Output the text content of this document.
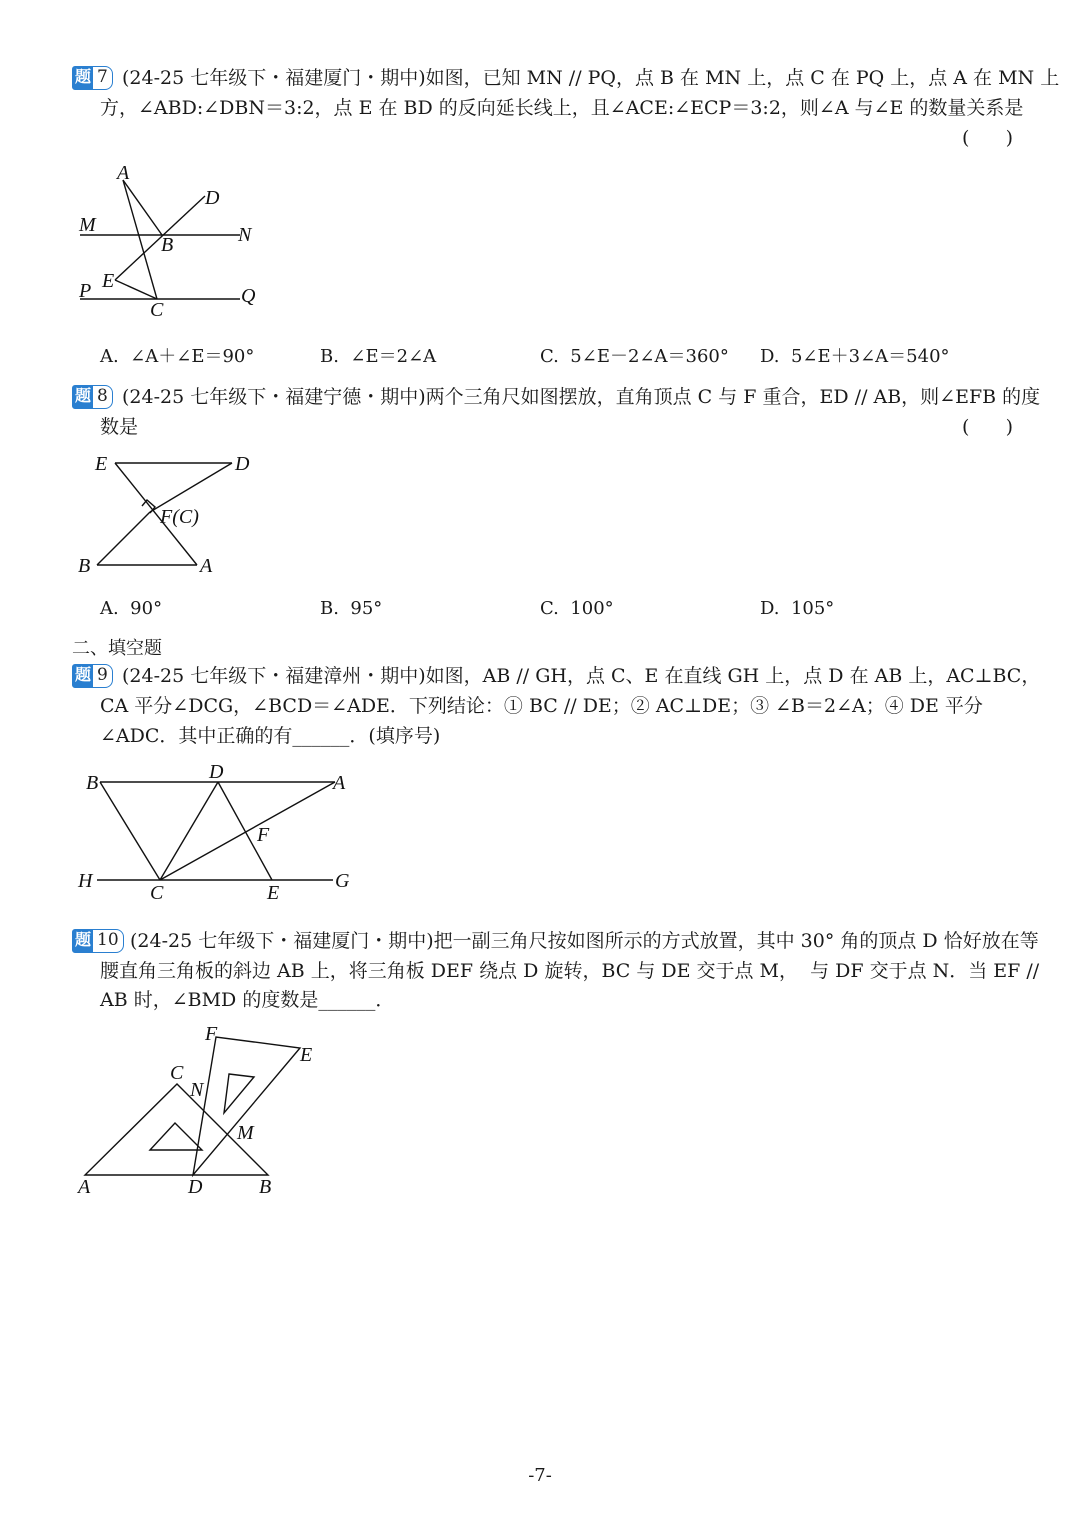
题 7 (24-25 七年级下・福建厦门・期中)如图，已知 MN // PQ，点 B 在 MN 上，点 C 在 PQ 上，点 A 在 MN 上
方，∠ABD:∠DBN＝3:2，点 E 在 BD 的反向延长线上，且∠ACE:∠ECP＝3:2，则∠A 与∠E 的数量关系是
(      )
A
D
M	N
B
E
P	Q
C
A.  ∠A＋∠E＝90°	B.  ∠E＝2∠A	C.  5∠E－2∠A＝360° D.  5∠E＋3∠A＝540°
题 8 (24-25 七年级下・福建宁德・期中)两个三角尺如图摆放，直角顶点 C 与 F 重合，ED // AB，则∠EFB 的度
数是	(      )
E	D
F(C)
B	A
A.  90°	B.  95°	C.  100°	D.  105°
二、填空题
题 9 (24-25 七年级下・福建漳州・期中)如图，AB // GH，点 C、E 在直线 GH 上，点 D 在 AB 上，AC⊥BC，
CA 平分∠DCG，∠BCD＝∠ADE．下列结论：① BC // DE；② AC⊥DE；③ ∠B＝2∠A；④ DE 平分
∠ADC．其中正确的有______．(填序号)
B	D	A
F
H
C	E
G
题 10 (24-25 七年级下・福建厦门・期中)把一副三角尺按如图所示的方式放置，其中 30° 角的顶点 D 恰好放在等
腰直角三角板的斜边 AB 上，将三角板 DEF 绕点 D 旋转，BC 与 DE 交于点 M，  与 DF 交于点 N．当 EF //
AB 时，∠BMD 的度数是______．
F
E
C
N
M
A	D	B
-7-
